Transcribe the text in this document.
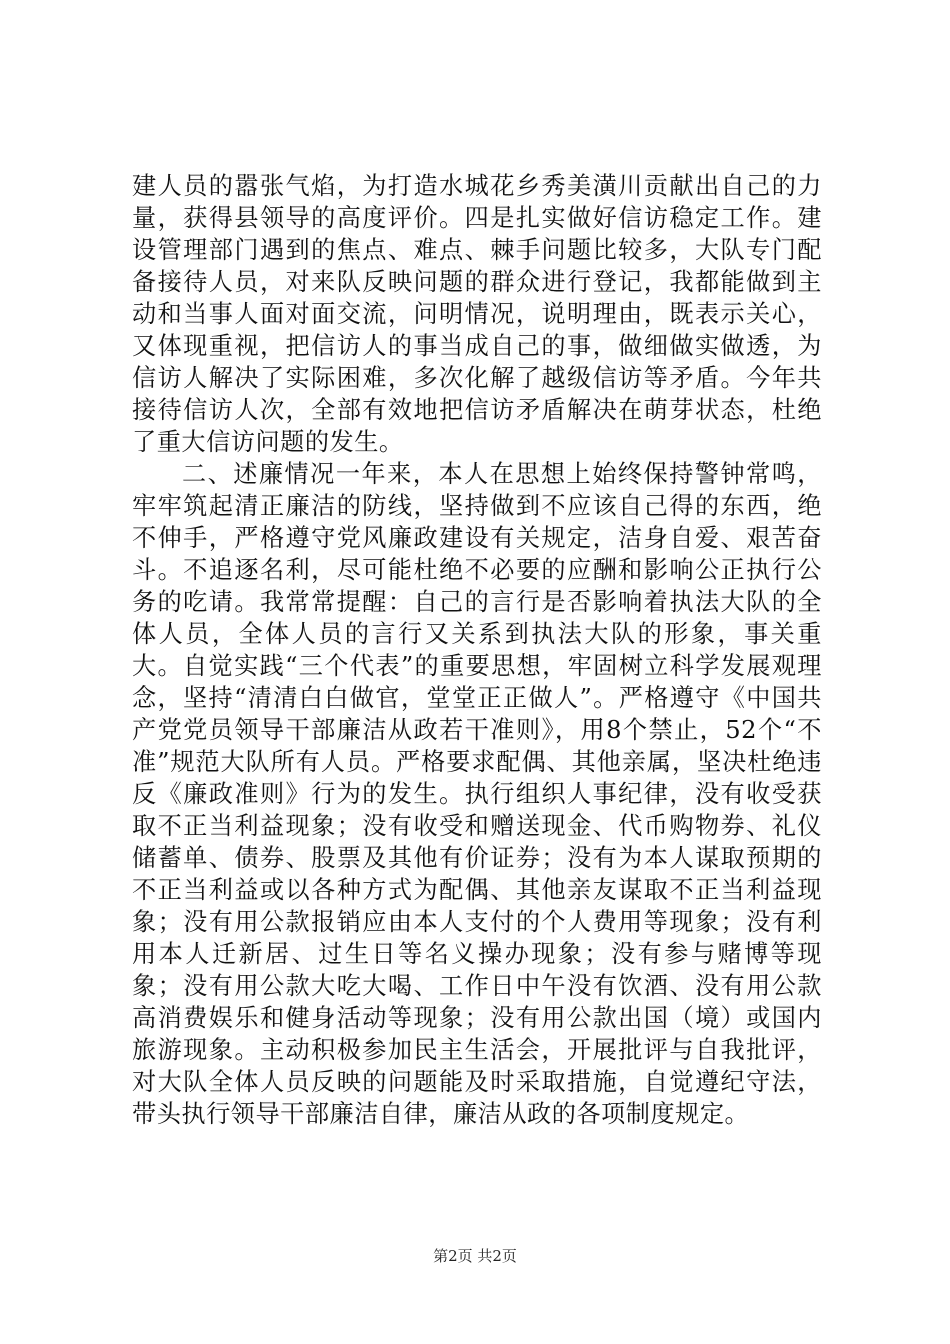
建人员的嚣张气焰，为打造水城花乡秀美潢川贡献出自己的力量，获得县领导的高度评价。四是扎实做好信访稳定工作。建设管理部门遇到的焦点、难点、棘手问题比较多，大队专门配备接待人员，对来队反映问题的群众进行登记，我都能做到主动和当事人面对面交流，问明情况，说明理由，既表示关心，又体现重视，把信访人的事当成自己的事，做细做实做透，为信访人解决了实际困难，多次化解了越级信访等矛盾。今年共接待信访人次，全部有效地把信访矛盾解决在萌芽状态，杜绝了重大信访问题的发生。

二、述廉情况一年来，本人在思想上始终保持警钟常鸣，牢牢筑起清正廉洁的防线，坚持做到不应该自己得的东西，绝不伸手，严格遵守党风廉政建设有关规定，洁身自爱、艰苦奋斗。不追逐名利，尽可能杜绝不必要的应酬和影响公正执行公务的吃请。我常常提醒：自己的言行是否影响着执法大队的全体人员，全体人员的言行又关系到执法大队的形象，事关重大。自觉实践“三个代表”的重要思想，牢固树立科学发展观理念，坚持“清清白白做官，堂堂正正做人”。严格遵守《中国共产党党员领导干部廉洁从政若干准则》，用8个禁止，52个“不准”规范大队所有人员。严格要求配偶、其他亲属，坚决杜绝违反《廉政准则》行为的发生。执行组织人事纪律，没有收受获取不正当利益现象；没有收受和赠送现金、代币购物券、礼仪储蓄单、债券、股票及其他有价证券；没有为本人谋取预期的不正当利益或以各种方式为配偶、其他亲友谋取不正当利益现象；没有用公款报销应由本人支付的个人费用等现象；没有利用本人迁新居、过生日等名义操办现象；没有参与赌博等现象；没有用公款大吃大喝、工作日中午没有饮酒、没有用公款高消费娱乐和健身活动等现象；没有用公款出国（境）或国内旅游现象。主动积极参加民主生活会，开展批评与自我批评，对大队全体人员反映的问题能及时采取措施，自觉遵纪守法，带头执行领导干部廉洁自律，廉洁从政的各项制度规定。

第2页 共2页
